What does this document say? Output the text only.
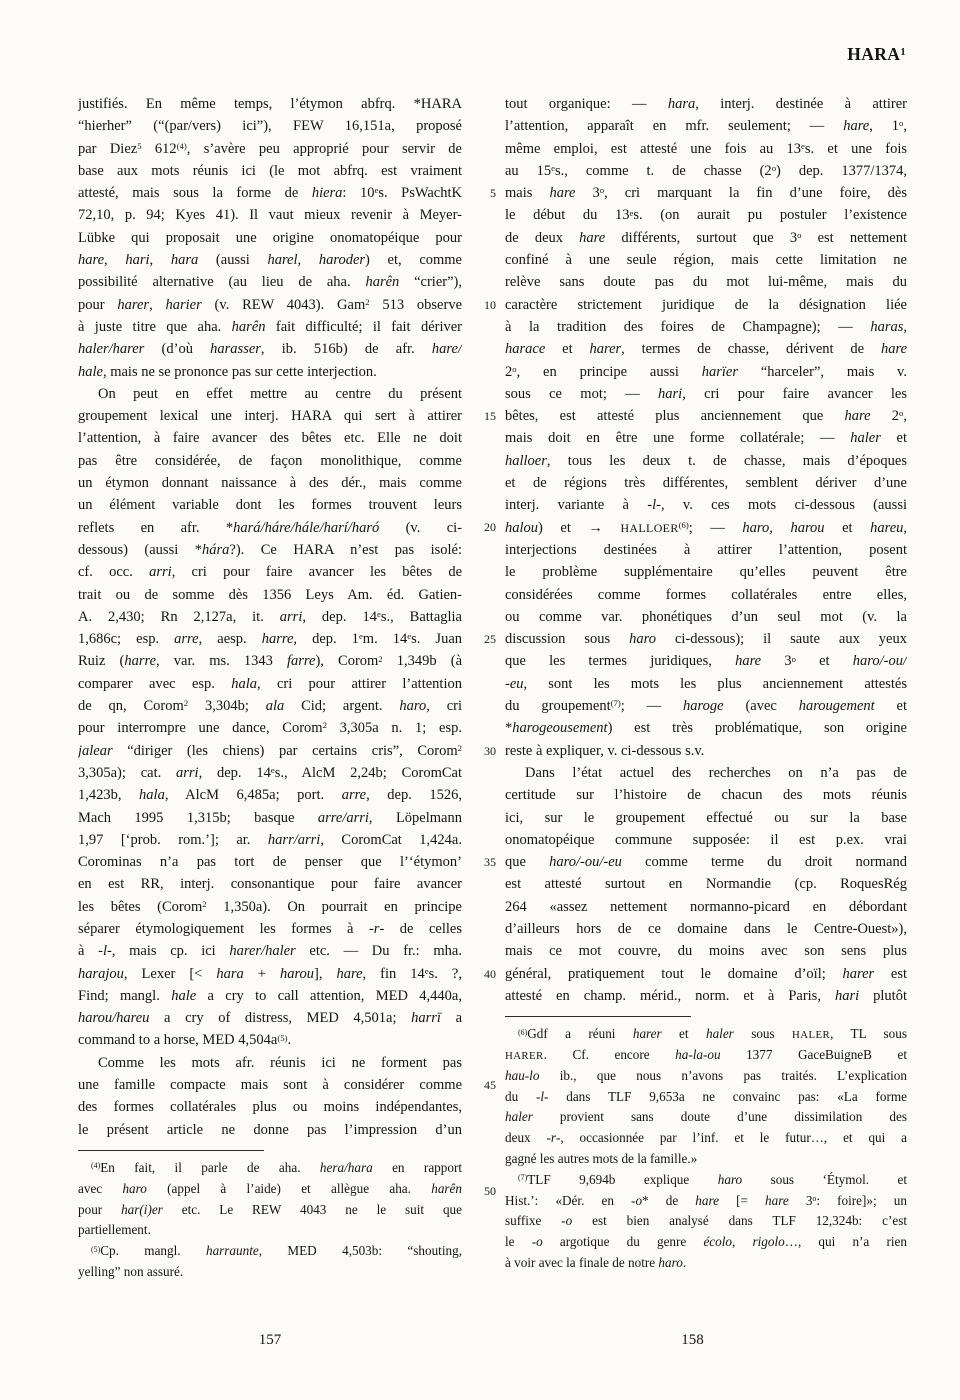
HARA$^1$
justifiés. En même temps, l’étymon abfrq. *HARA
“hierher” (“(par/vers) ici”), FEW 16,151a, proposé
par Diez$^5$ 612$^{(4)}$, s’avère peu approprié pour servir de
base aux mots réunis ici (le mot abfrq. est vraiment
attesté, mais sous la forme de hiera: 10es. PsWachtK
72,10, p. 94; Kyes 41). Il vaut mieux revenir à Meyer-
Lübke qui proposait une origine onomatopéique pour
hare, hari, hara (aussi harel, haroder) et, comme
possibilité alternative (au lieu de aha. harên “crier”),
pour harer, harier (v. REW 4043). Gam$^2$ 513 observe
à juste titre que aha. harên fait difficulté; il fait dériver
haler/harer (d’où harasser, ib. 516b) de afr. hare/
hale, mais ne se prononce pas sur cette interjection.
On peut en effet mettre au centre du présent
groupement lexical une interj. HARA qui sert à attirer
l’attention, à faire avancer des bêtes etc. Elle ne doit
pas être considérée, de façon monolithique, comme
un étymon donnant naissance à des dér., mais comme
un élément variable dont les formes trouvent leurs
reflets en afr. *hará/háre/hále/harí/haró (v. ci-
dessous) (aussi *hára?). Ce HARA n’est pas isolé:
cf. occ. arri, cri pour faire avancer les bêtes de
trait ou de somme dès 1356 Leys Am. éd. Gatien-
A. 2,430; Rn 2,127a, it. arri, dep. 14es., Battaglia
1,686c; esp. arre, aesp. harre, dep. 1em. 14es. Juan
Ruiz (harre, var. ms. 1343 farre), Corom$^2$ 1,349b (à
comparer avec esp. hala, cri pour attirer l’attention
de qn, Corom$^2$ 3,304b; ala Cid; argent. haro, cri
pour interrompre une dance, Corom$^2$ 3,305a n. 1; esp.
jalear “diriger (les chiens) par certains cris”, Corom$^2$
3,305a); cat. arri, dep. 14es., AlcM 2,24b; CoromCat
1,423b, hala, AlcM 6,485a; port. arre, dep. 1526,
Mach 1995 1,315b; basque arre/arri, Löpelmann
1,97 [‘prob. rom.’]; ar. harr/arri, CoromCat 1,424a.
Corominas n’a pas tort de penser que l’‘étymon’
en est RR, interj. consonantique pour faire avancer
les bêtes (Corom$^2$ 1,350a). On pourrait en principe
séparer étymologiquement les formes à -r- de celles
à -l-, mais cp. ici harer/haler etc. — Du fr.: mha.
harajou, Lexer [< hara + harou], hare, fin 14es. ?,
Find; mangl. hale a cry to call attention, MED 4,440a,
harou/hareu a cry of distress, MED 4,501a; harrī a
command to a horse, MED $4,504a^{(5)}$.
Comme les mots afr. réunis ici ne forment pas
une famille compacte mais sont à considérer comme
des formes collatérales plus ou moins indépendantes,
le présent article ne donne pas l’impression d’un
$^{(4)}$En fait, il parle de aha. hera/hara en rapport
avec haro (appel à l’aide) et allègue aha. harên
pour har(i)er etc. Le REW 4043 ne le suit que
partiellement.
$^{(5)}$Cp. mangl. harraunte, MED 4,503b: “shouting,
yelling” non assuré.
5
10
15
20
25
30
35
40
45
50
tout organique: — hara, interj. destinée à attirer
l’attention, apparaît en mfr. seulement; — hare, 1$^o$,
même emploi, est attesté une fois au 13es. et une fois
au 15es., comme t. de chasse (2$^o$) dep. 1377/1374,
mais hare 3$^o$, cri marquant la fin d’une foire, dès
le début du 13es. (on aurait pu postuler l’existence
de deux hare différents, surtout que 3$^o$ est nettement
confiné à une seule région, mais cette limitation ne
relève sans doute pas du mot lui-même, mais du
caractère strictement juridique de la désignation liée
à la tradition des foires de Champagne); — haras,
harace et harer, termes de chasse, dérivent de hare
2$^o$, en principe aussi harïer “harceler”, mais v.
sous ce mot; — hari, cri pour faire avancer les
bêtes, est attesté plus anciennement que hare 2$^o$,
mais doit en être une forme collatérale; — haler et
halloer, tous les deux t. de chasse, mais d’époques
et de régions très différentes, semblent dériver d’une
interj. variante à -l-, v. ces mots ci-dessous (aussi
halou) et → $HALLOER^{(6)}$; — haro, harou et hareu,
interjections destinées à attirer l’attention, posent
le problème supplémentaire qu’elles peuvent être
considérées comme formes collatérales entre elles,
ou comme var. phonétiques d’un seul mot (v. la
discussion sous haro ci-dessous); il saute aux yeux
que les termes juridiques, hare 3$^o$ et haro/-ou/
-eu, sont les mots les plus anciennement attestés
du groupement$^{(7)}$; — haroge (avec harougement et
*harogeousement) est très problématique, son origine
reste à expliquer, v. ci-dessous s.v.
Dans l’état actuel des recherches on n’a pas de
certitude sur l’histoire de chacun des mots réunis
ici, sur le groupement effectué ou sur la base
onomatopéique commune supposée: il est p.ex. vrai
que haro/-ou/-eu comme terme du droit normand
est attesté surtout en Normandie (cp. RoquesRég
264 «assez nettement normanno-picard en débordant
d’ailleurs hors de ce domaine dans le Centre-Ouest»),
mais ce mot couvre, du moins avec son sens plus
général, pratiquement tout le domaine d’oïl; harer est
attesté en champ. mérid., norm. et à Paris, hari plutôt
$^{(6)}$Gdf a réuni harer et haler sous HALER, TL sous
HARER. Cf. encore ha-la-ou 1377 GaceBuigneB et
hau-lo ib., que nous n’avons pas traités. L’explication
du -l- dans TLF 9,653a ne convainc pas: «La forme
haler provient sans doute d’une dissimilation des
deux -r-, occasionnée par l’inf. et le futur…, et qui a
gagné les autres mots de la famille.»
$^{(7)}$TLF 9,694b explique haro sous ‘Étymol. et
Hist.’: «Dér. en -o* de hare [= hare 3$^o$: foire]»; un
suffixe -o est bien analysé dans TLF 12,324b: c’est
le -o argotique du genre écolo, rigolo…, qui n’a rien
à voir avec la finale de notre haro.
157	158
